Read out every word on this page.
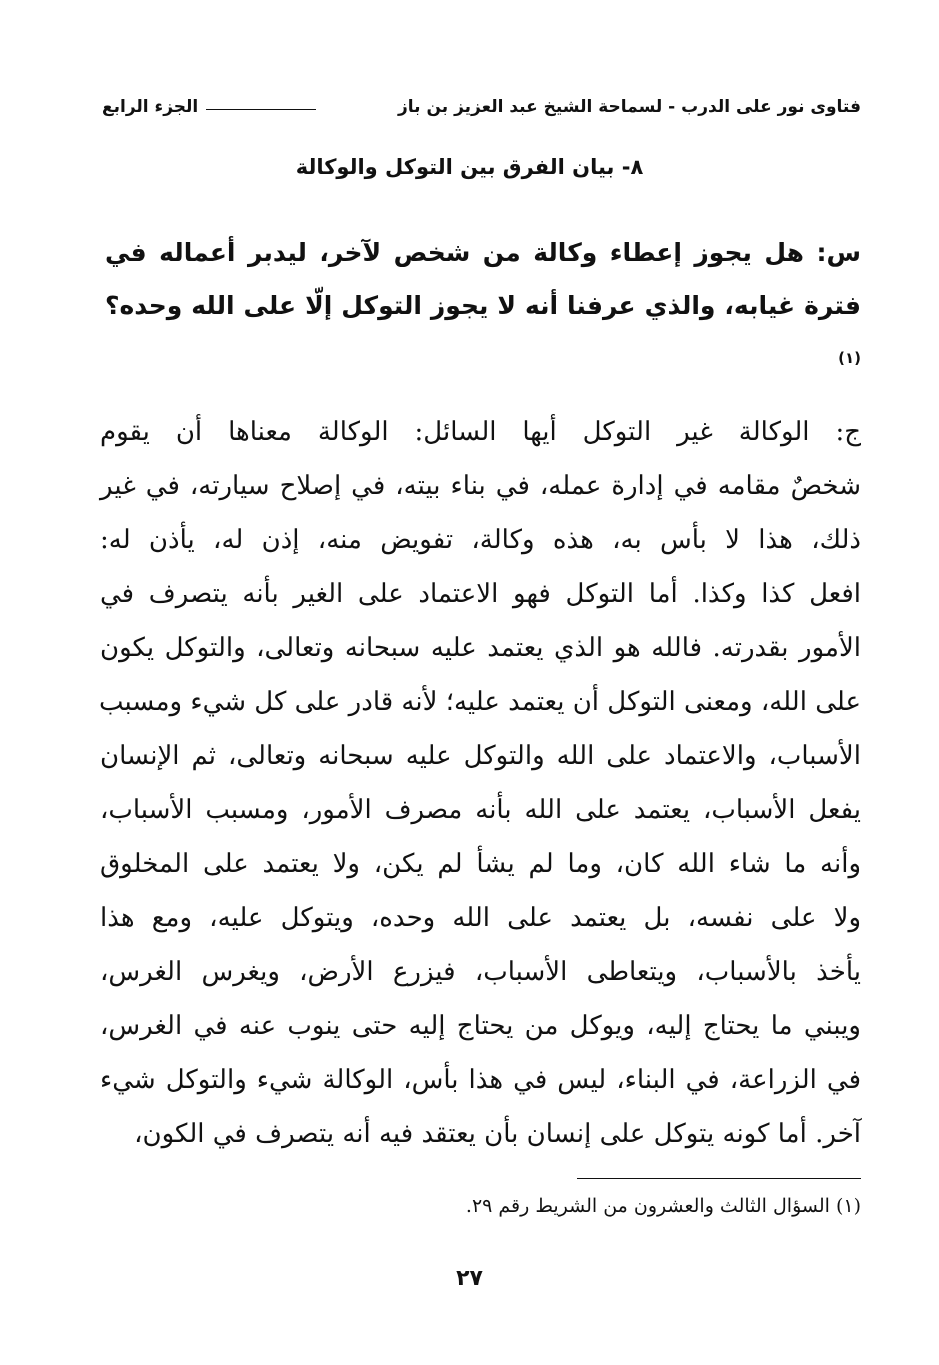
فتاوى نور على الدرب - لسماحة الشيخ عبد العزيز بن باز
الجزء الرابع
٨- بيان الفرق بين التوكل والوكالة
س: هل يجوز إعطاء وكالة من شخص لآخر، ليدبر أعماله في فترة غيابه، والذي عرفنا أنه لا يجوز التوكل إلّا على الله وحده؟$^{(١)}$
ج: الوكالة غير التوكل أيها السائل: الوكالة معناها أن يقوم
شخصٌ مقامه في إدارة عمله، في بناء بيته، في إصلاح سيارته، في غير
ذلك، هذا لا بأس به، هذه وكالة، تفويض منه، إذن له، يأذن له:
افعل كذا وكذا. أما التوكل فهو الاعتماد على الغير بأنه يتصرف في
الأمور بقدرته. فالله هو الذي يعتمد عليه سبحانه وتعالى، والتوكل يكون
على الله، ومعنى التوكل أن يعتمد عليه؛ لأنه قادر على كل شيء ومسبب
الأسباب، والاعتماد على الله والتوكل عليه سبحانه وتعالى، ثم الإنسان
يفعل الأسباب، يعتمد على الله بأنه مصرف الأمور، ومسبب الأسباب،
وأنه ما شاء الله كان، وما لم يشأ لم يكن، ولا يعتمد على المخلوق
ولا على نفسه، بل يعتمد على الله وحده، ويتوكل عليه، ومع هذا
يأخذ بالأسباب، ويتعاطى الأسباب، فيزرع الأرض، ويغرس الغرس،
ويبني ما يحتاج إليه، ويوكل من يحتاج إليه حتى ينوب عنه في الغرس،
في الزراعة، في البناء، ليس في هذا بأس، الوكالة شيء والتوكل شيء
آخر. أما كونه يتوكل على إنسان بأن يعتقد فيه أنه يتصرف في الكون،
(١) السؤال الثالث والعشرون من الشريط رقم ٢٩.
٢٧
